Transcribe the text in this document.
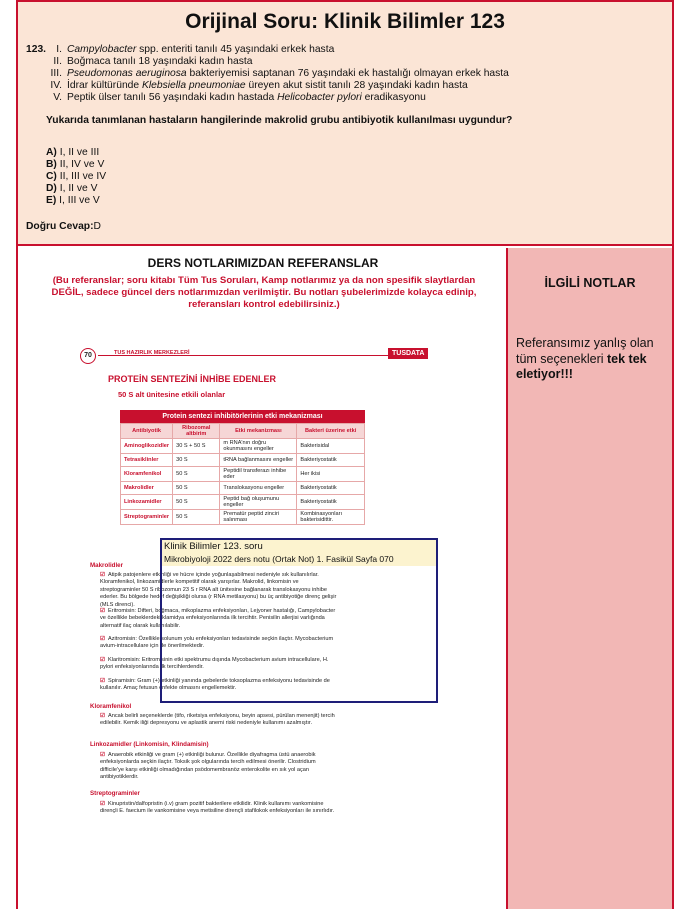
Orijinal Soru: Klinik Bilimler 123
123. I. Campylobacter spp. enteriti tanılı 45 yaşındaki erkek hasta
II. Boğmaca tanılı 18 yaşındaki kadın hasta
III. Pseudomonas aeruginosa bakteriyemisi saptanan 76 yaşındaki ek hastalığı olmayan erkek hasta
IV. İdrar kültüründe Klebsiella pneumoniae üreyen akut sistit tanılı 28 yaşındaki kadın hasta
V. Peptik ülser tanılı 56 yaşındaki kadın hastada Helicobacter pylori eradikasyonu
Yukarıda tanımlanan hastaların hangilerinde makrolid grubu antibiyotik kullanılması uygundur?
A) I, II ve III
B) II, IV ve V
C) II, III ve IV
D) I, II ve V
E) I, III ve V
Doğru Cevap:D
DERS NOTLARIMIZDAN REFERANSLAR
(Bu referanslar; soru kitabı Tüm Tus Soruları, Kamp notlarımız ya da non spesifik slaytlardan DEĞİL, sadece güncel ders notlarımızdan verilmiştir. Bu notları şubelerimizde kolayca edinip, referansları kontrol edebilirsiniz.)
70	TUS HAZIRLIK MERKEZLERİ	TUSDATA
PROTEİN SENTEZİNİ İNHİBE EDENLER
50 S alt ünitesine etkili olanlar
Protein sentezi inhibitörlerinin etki mekanizması
Antibiyotik	Ribozomal altbirim	Etki mekanizması	Bakteri üzerine etki
Aminoglikozidler	30 S + 50 S	m RNA'nın doğru okunmasını engeller	Bakterisidal
Tetrasiklinler	30 S	tRNA bağlanmasını engeller	Bakteriyostatik
Kloramfenikol	50 S	Peptidil transferazı inhibe eder	Her ikisi
Makrolidler	50 S	Translokasyonu engeller	Bakteriyostatik
Linkozamidler	50 S	Peptid bağ oluşumunu engeller	Bakteriyostatik
Streptograminler	50 S	Prematür peptid zinciri salınması	Kombinasyonları bakterisidittir.
Makrolidler
☑ Atipik patojenlere etkinliği ve hücre içinde yoğunlaşabilmesi nedeniyle sık kullanılırlar. Kloramfenikol, linkozamidlerle kompetitif olarak yarışırlar. Makrolid, linkomisin ve streptograminler 50 S ribozomun 23 S r RNA alt ünitesine bağlanarak translokasyonu inhibe ederler. Bu bölgede hedef değişikliği olursa (r RNA metilasyonu) bu üç antibiyotiğe direnç gelişir (MLS direnci).
☑ Eritromisin: Difteri, boğmaca, mikoplazma enfeksiyonları, Lejyoner hastalığı, Campylobacter ve özellikle bebeklerdeki klamidya enfeksiyonlarında ilk tercihtir. Penisilin allerjisi varlığında alternatif ilaç olarak kullanılabilir.
☑ Azitromisin: Özellikle solunum yolu enfeksiyonları tedavisinde seçkin ilaçtır. Mycobacterium avium-intracellulare için de önerilmektedir.
☑ Klaritromisin: Eritromisinin etki spektrumu dışında Mycobacterium avium intracellulare, H. pylori enfeksiyonlarında ilk tercihlerdendir.
☑ Spiramisin: Gram (+) etkinliği yanında gebelerde toksoplazma enfeksiyonu tedavisinde de kullanılır. Amaç fetusun enfekte olmasını engellemektir.
Kloramfenikol
☑ Ancak belirli seçeneklerde (tifo, riketsiya enfeksiyonu, beyin apsesi, pürülan menenjit) tercih edilebilir. Kemik iliği depresyonu ve aplastik anemi riski nedeniyle kullanımı azalmıştır.
Linkozamidler (Linkomisin, Klindamisin)
☑ Anaerobik etkinliği ve gram (+) etkinliği bulunur. Özellikle diyafragma üstü anaerobik enfeksiyonlarda seçkin ilaçtır. Toksik şok olgularında tercih edilmesi önerilir. Clostridium difficile'ye karşı etkinliği olmadığından psödomembranöz enterokolite en sık yol açan antibiyotiklerdir.
Streptograminler
☑ Kinupristin/dalfopristin (i.v) gram pozitif bakterilere etkilidir. Klinik kullanımı vankomisine dirençli E. faecium ile vankomisine veya metisiline dirençli stafilokok enfeksiyonları ile sınırlıdır.
Klinik Bilimler 123. soru
Mikrobiyoloji 2022 ders notu (Ortak Not) 1. Fasikül Sayfa 070
İLGİLİ NOTLAR
Referansımız yanlış olan tüm seçenekleri tek tek eletiyor!!!
